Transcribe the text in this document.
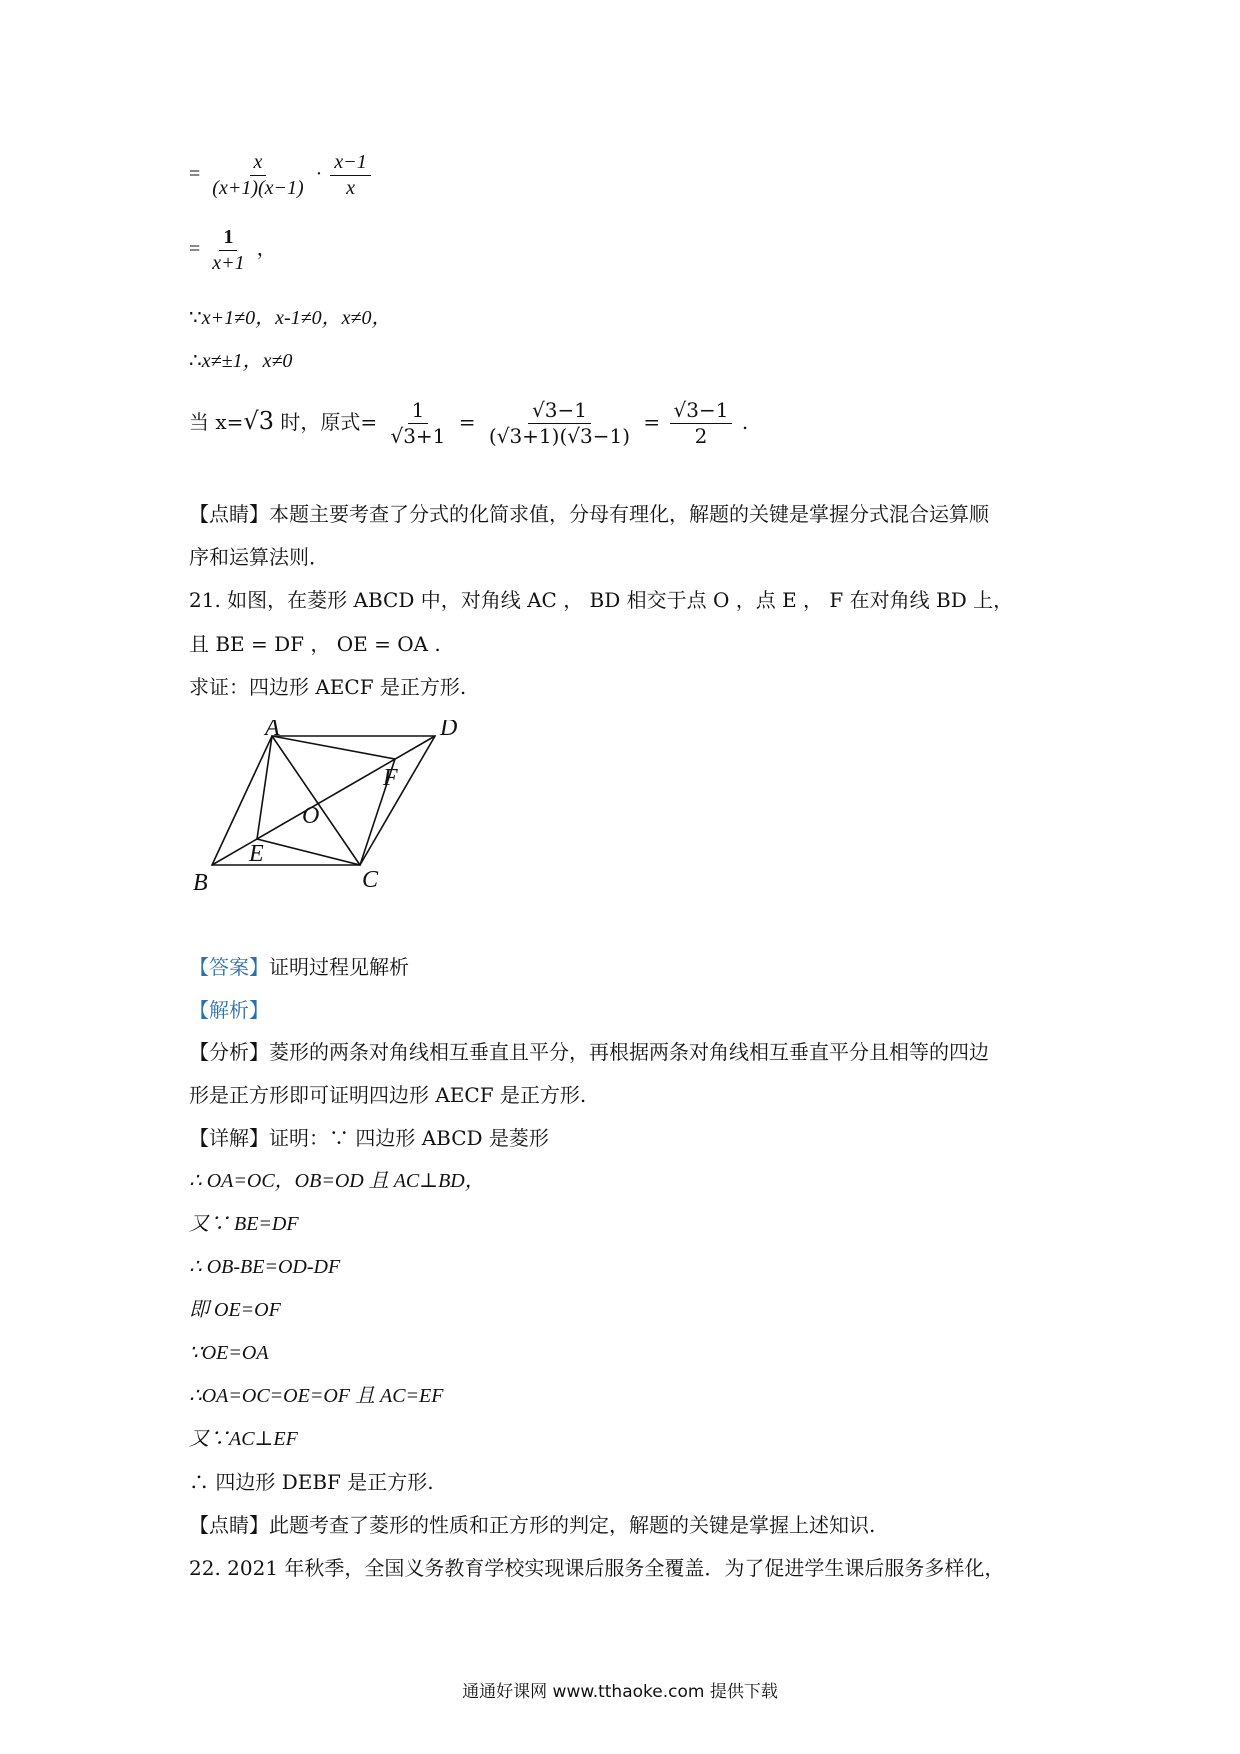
= $\frac{x}{(x+1)(x-1)} \cdot \frac{x-1}{x}$
= $\frac{1}{x+1}$ ，
∵x+1≠0，x-1≠0，x≠0，
∴x≠±1，x≠0
当 x=√3 时，原式= $\frac{1}{√3+1} = \frac{√3-1}{(√3+1)(√3-1)} = \frac{√3-1}{2}$ .
【点睛】本题主要考查了分式的化简求值，分母有理化，解题的关键是掌握分式混合运算顺
序和运算法则．
21. 如图，在菱形 ABCD 中，对角线 AC ， BD 相交于点 O ，点 E ， F 在对角线 BD 上，
且 BE = DF ， OE = OA .
求证：四边形 AECF 是正方形.
A	D
F
O
E
B	C
【答案】证明过程见解析
【解析】
【分析】菱形的两条对角线相互垂直且平分，再根据两条对角线相互垂直平分且相等的四边
形是正方形即可证明四边形 AECF 是正方形.
【详解】证明：∵ 四边形 ABCD 是菱形
∴ OA=OC，OB=OD 且 AC⊥BD，
又∵ BE=DF
∴ OB-BE=OD-DF
即 OE=OF
∵OE=OA
∴OA=OC=OE=OF 且 AC=EF
又∵AC⊥EF
∴ 四边形 DEBF 是正方形.
【点睛】此题考查了菱形的性质和正方形的判定，解题的关键是掌握上述知识.
22. 2021 年秋季，全国义务教育学校实现课后服务全覆盖．为了促进学生课后服务多样化，
通通好课网 www.tthaoke.com 提供下载
